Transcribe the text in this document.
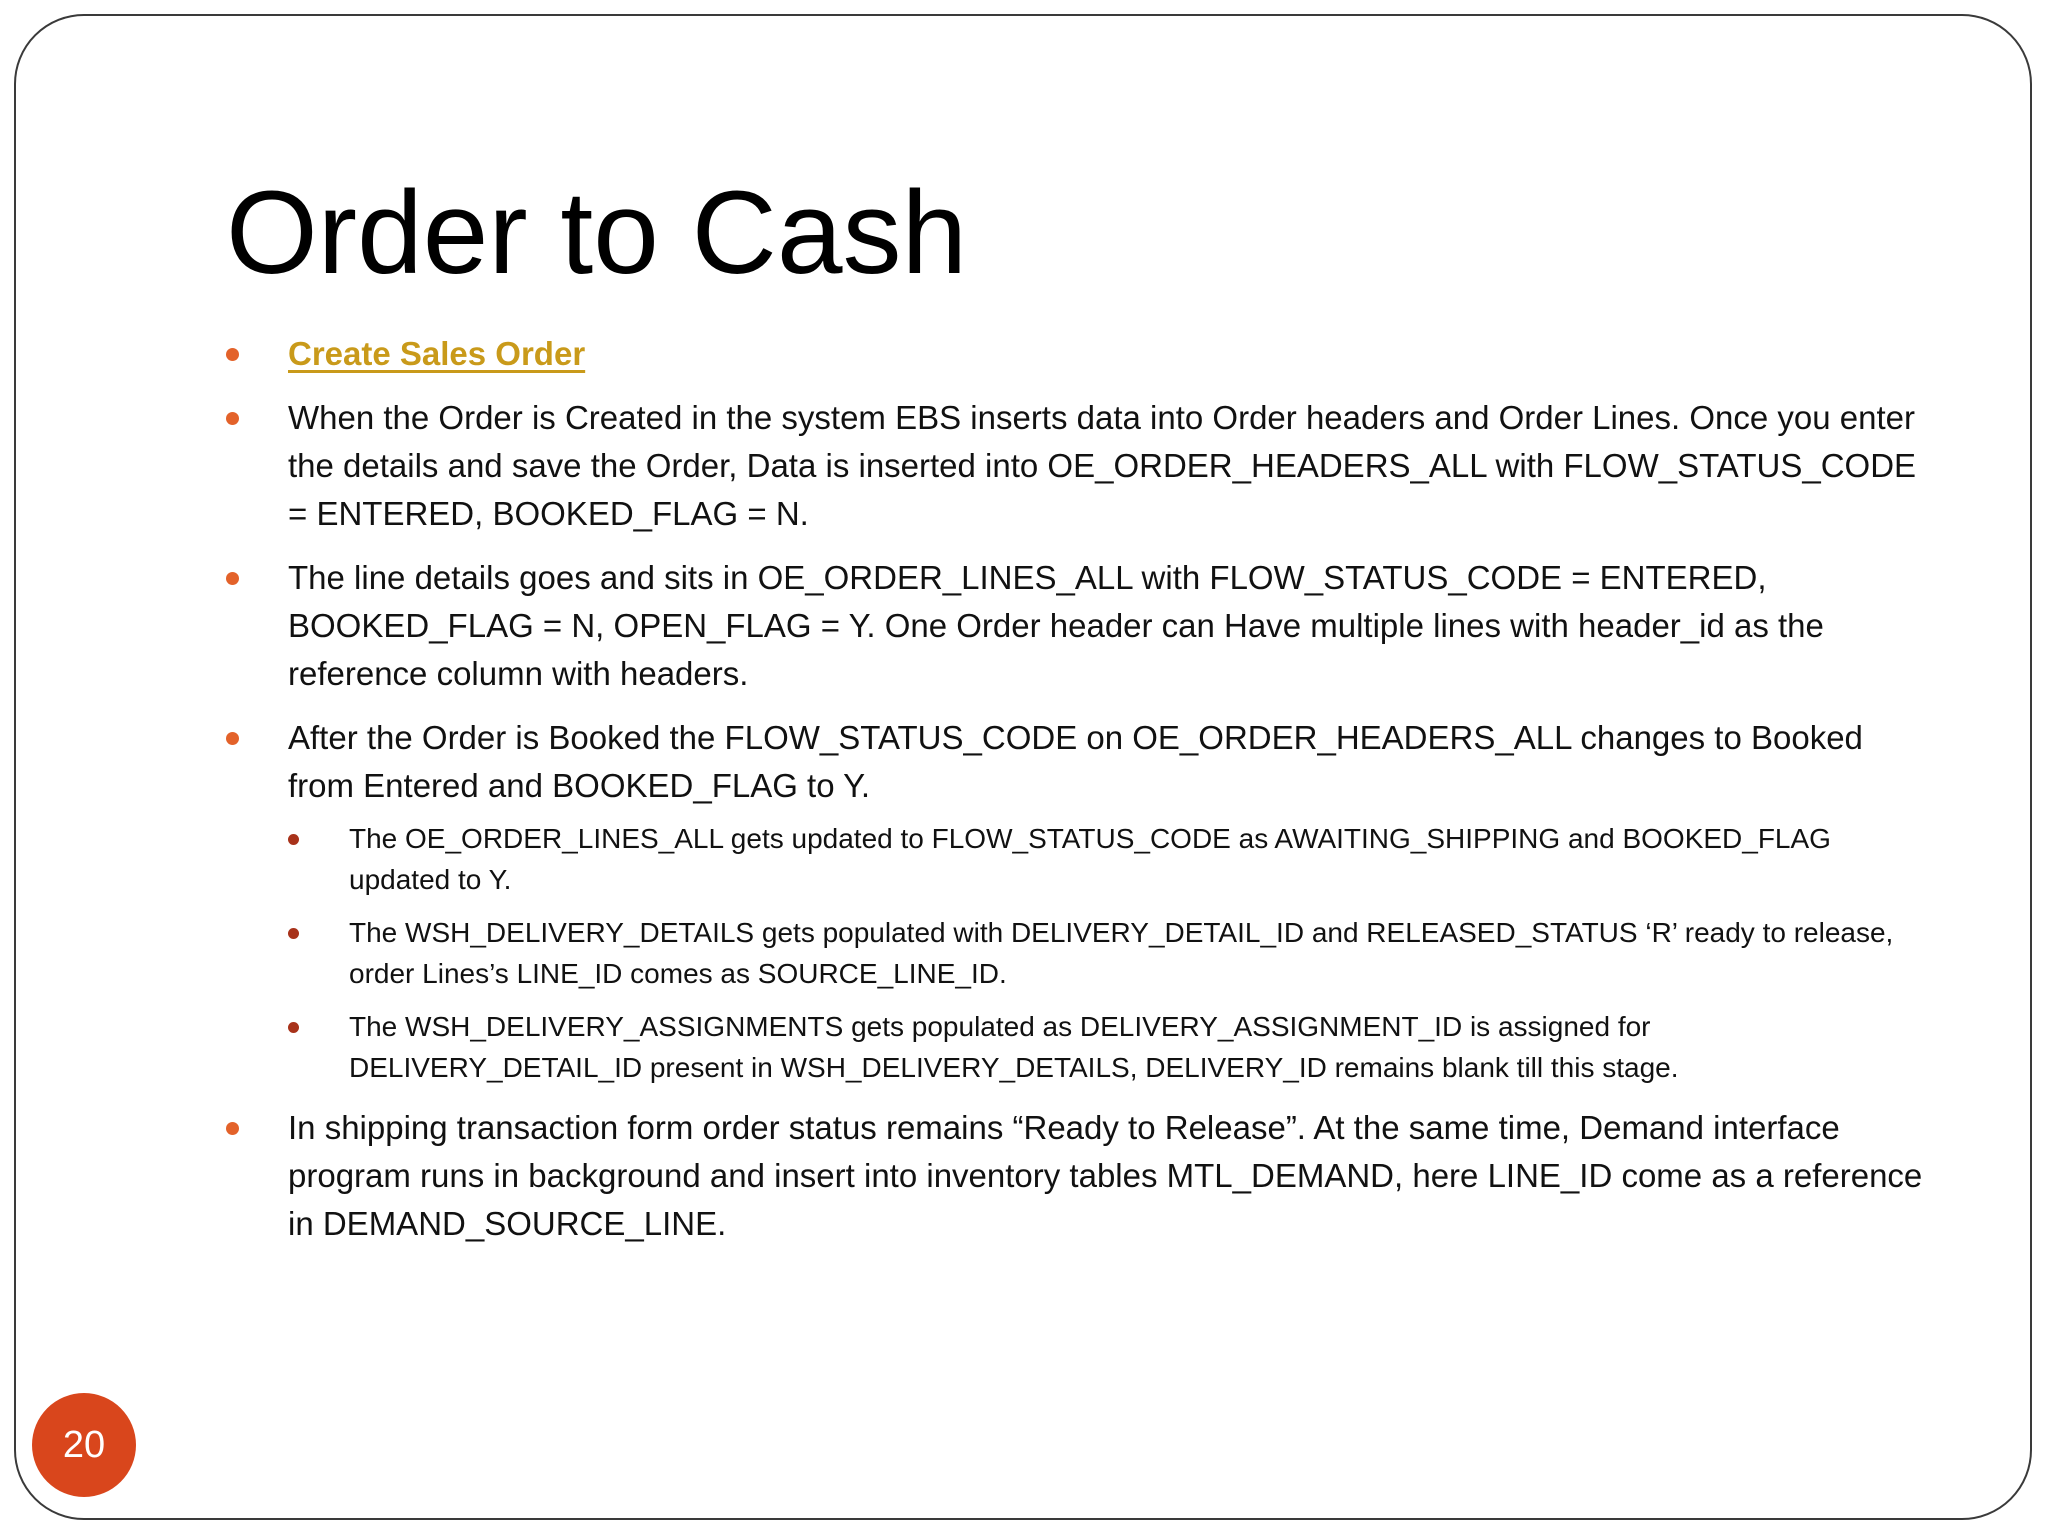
Order to Cash
Create Sales Order
When the Order is Created in the system EBS inserts data into Order headers and Order Lines. Once you enter the details and save the Order, Data is inserted into OE_ORDER_HEADERS_ALL with FLOW_STATUS_CODE = ENTERED, BOOKED_FLAG = N.
The line details goes and sits in OE_ORDER_LINES_ALL with FLOW_STATUS_CODE = ENTERED, BOOKED_FLAG = N, OPEN_FLAG = Y. One Order header can Have multiple lines with header_id as the reference column with headers.
After the Order is Booked the FLOW_STATUS_CODE on OE_ORDER_HEADERS_ALL changes to Booked from Entered and BOOKED_FLAG to Y.
The OE_ORDER_LINES_ALL gets updated to FLOW_STATUS_CODE as AWAITING_SHIPPING and BOOKED_FLAG updated to Y.
The WSH_DELIVERY_DETAILS gets populated with DELIVERY_DETAIL_ID and RELEASED_STATUS ‘R’ ready to release, order Lines’s LINE_ID comes as SOURCE_LINE_ID.
The WSH_DELIVERY_ASSIGNMENTS gets populated as DELIVERY_ASSIGNMENT_ID is assigned for DELIVERY_DETAIL_ID present in WSH_DELIVERY_DETAILS, DELIVERY_ID remains blank till this stage.
In shipping transaction form order status remains “Ready to Release”. At the same time, Demand interface program runs in background and insert into inventory tables MTL_DEMAND, here LINE_ID come as a reference in DEMAND_SOURCE_LINE.
20
